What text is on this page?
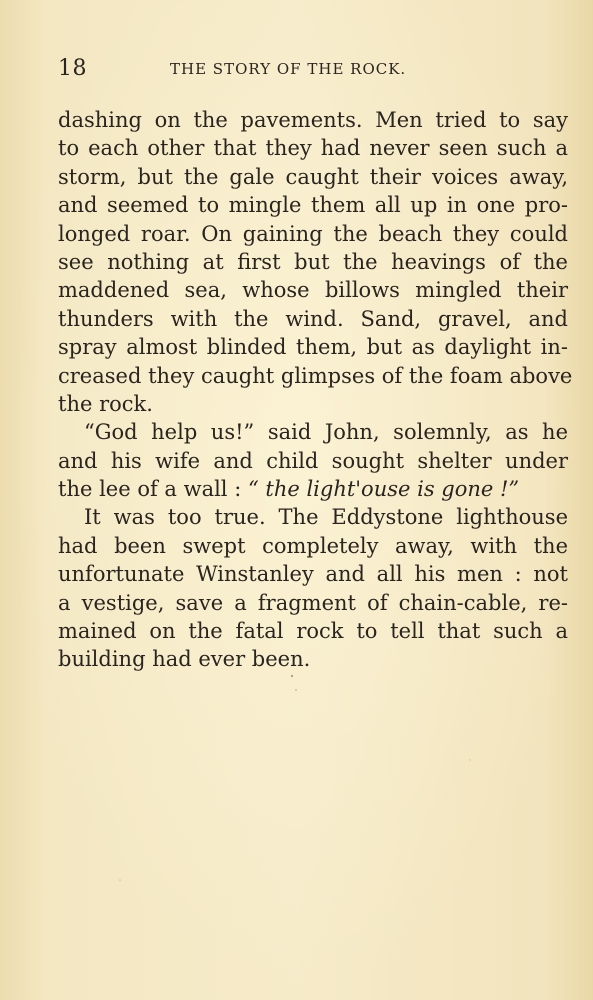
18	THE STORY OF THE ROCK.
dashing on the pavements. Men tried to say
to each other that they had never seen such a
storm, but the gale caught their voices away,
and seemed to mingle them all up in one pro-
longed roar. On gaining the beach they could
see nothing at first but the heavings of the
maddened sea, whose billows mingled their
thunders with the wind. Sand, gravel, and
spray almost blinded them, but as daylight in-
creased they caught glimpses of the foam above
the rock.
“God help us!” said John, solemnly, as he
and his wife and child sought shelter under
the lee of a wall : “ the light'ouse is gone !”
It was too true. The Eddystone lighthouse
had been swept completely away, with the
unfortunate Winstanley and all his men : not
a vestige, save a fragment of chain-cable, re-
mained on the fatal rock to tell that such a
building had ever been.
